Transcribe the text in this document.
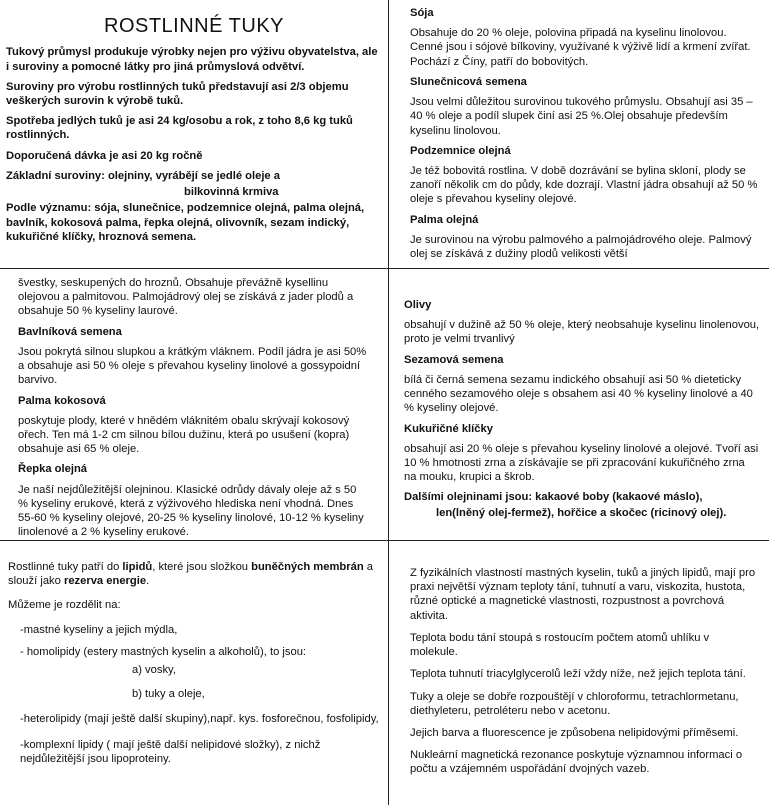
ROSTLINNÉ TUKY

Tukový průmysl produkuje výrobky nejen pro výživu obyvatelstva, ale i suroviny a pomocné látky pro jiná průmyslová odvětví.

Suroviny pro výrobu rostlinných tuků představují asi 2/3 objemu veškerých surovin k výrobě tuků.

Spotřeba jedlých tuků je asi 24 kg/osobu a rok, z toho 8,6 kg tuků rostlinných.

Doporučená dávka je asi 20 kg ročně

Základní suroviny: olejniny, vyrábějí se jedlé oleje a

bilkovinná krmiva

Podle významu: sója, slunečnice, podzemnice olejná, palma olejná, bavlník, kokosová palma, řepka olejná, olivovník, sezam indický, kukuřičné klíčky, hroznová semena.

Sója

Obsahuje do 20 % oleje, polovina připadá na kyselinu linolovou. Cenné jsou i sójové bílkoviny, využívané k výživě lidí a krmení zvířat. Pochází z Číny, patří do bobovitých.

Slunečnicová semena

Jsou velmi důležitou surovinou tukového průmyslu. Obsahují asi 35 – 40 % oleje a podíl slupek činí asi 25 %.Olej obsahuje především kyselinu linolovou.

Podzemnice olejná

Je též bobovitá rostlina. V době dozrávání se bylina skloní, plody se zanoří několik cm do půdy, kde dozrají. Vlastní jádra obsahují až 50 % oleje s převahou kyseliny olejové.

Palma olejná

Je surovinou na výrobu palmového a palmojádrového oleje. Palmový olej se získává z dužiny plodů velikosti větší

švestky, seskupených do hroznů. Obsahuje převážně kysellinu olejovou a palmitovou. Palmojádrový olej se získává z jader plodů a obsahuje 50 % kyseliny laurové.

Bavlníková semena

Jsou pokrytá silnou slupkou a krátkým vláknem. Podíl jádra je asi 50% a obsahuje asi 50 % oleje s převahou kyseliny linolové a gossypoidní barvivo.

Palma kokosová

poskytuje plody, které v hnědém vláknitém obalu skrývají kokosový ořech. Ten má 1-2 cm silnou bílou dužinu, která po usušení (kopra) obsahuje asi 65 % oleje.

Řepka olejná

Je naší nejdůležitější olejninou. Klasické odrůdy dávaly oleje až s 50 % kyseliny erukové, která z výživového hlediska není vhodná. Dnes 55-60 % kyseliny olejové, 20-25 % kyseliny linolové, 10-12 % kyseliny linolenové a 2 % kyseliny erukové.

Olivy

obsahují v dužině až 50 % oleje, který neobsahuje kyselinu linolenovou, proto je velmi trvanlivý

Sezamová semena

bílá či černá semena sezamu indického obsahují asi 50 % dieteticky cenného sezamového oleje s obsahem asi 40 % kyseliny linolové a 40 % kyseliny olejové.

Kukuřičné klíčky

obsahují asi 20 % oleje s převahou kyseliny linolové a olejové. Tvoří asi 10 % hmotnosti zrna a získávajíe se při zpracování kukuřičného zrna na mouku, krupici a škrob.

Dalšími olejninami jsou: kakaové boby (kakaové máslo),

len(lněný olej-fermež), hořčice a skočec (ricinový olej).

Rostlinné tuky patří do lipidů, které jsou složkou buněčných membrán a slouží jako rezerva energie.

Můžeme je rozdělit na:

-mastné kyseliny a jejich mýdla,

- homolipidy (estery mastných kyselin a alkoholů), to jsou:

a) vosky,

b) tuky a oleje,

-heterolipidy (mají ještě další skupiny),např. kys. fosforečnou, fosfolipidy,

-komplexní lipidy ( mají ještě další nelipidové složky), z nichž nejdůležitější jsou lipoproteiny.

Z fyzikálních vlastností mastných kyselin, tuků a jiných lipidů, mají pro praxi největší význam teploty tání, tuhnutí a varu, viskozita, hustota, různé optické a magnetické vlastnosti, rozpustnost a povrchová aktivita.

Teplota bodu tání stoupá s rostoucím počtem atomů uhlíku v molekule.

Teplota tuhnutí triacylglycerolů leží vždy níže, než jejich teplota tání.

Tuky a oleje se dobře rozpouštějí v chloroformu, tetrachlormetanu, diethyleteru, petroléteru nebo v acetonu.

Jejich barva a fluorescence je způsobena nelipidovými příměsemi.

Nukleární magnetická rezonance poskytuje významnou informaci o počtu a vzájemném uspořádání dvojných vazeb.
